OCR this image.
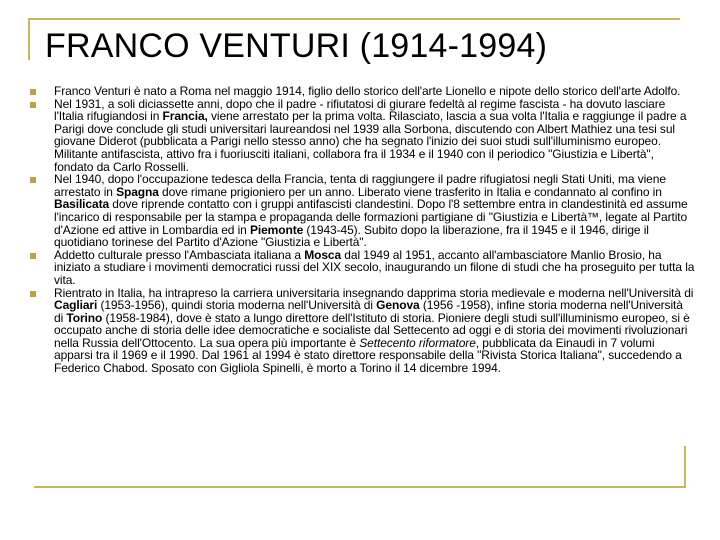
FRANCO VENTURI (1914-1994)
Franco Venturi è nato a Roma nel maggio 1914, figlio dello storico dell'arte Lionello e nipote dello storico dell'arte Adolfo.
Nel 1931, a soli diciassette anni, dopo che il padre - rifiutatosi di giurare fedeltà al regime fascista - ha dovuto lasciare l'Italia rifugiandosi in Francia, viene arrestato per la prima volta. Rilasciato, lascia a sua volta l'Italia e raggiunge il padre a Parigi dove conclude gli studi universitari laureandosi nel 1939 alla Sorbona, discutendo con Albert Mathiez una tesi sul giovane Diderot (pubblicata a Parigi nello stesso anno) che ha segnato l'inizio dei suoi studi sull'illuminismo europeo. Militante antifascista, attivo fra i fuoriusciti italiani, collabora fra il 1934 e il 1940 con il periodico "Giustizia e Libertà", fondato da Carlo Rosselli.
Nel 1940, dopo l'occupazione tedesca della Francia, tenta di raggiungere il padre rifugiatosi negli Stati Uniti, ma viene arrestato in Spagna dove rimane prigioniero per un anno. Liberato viene trasferito in Italia e condannato al confino in Basilicata dove riprende contatto con i gruppi antifascisti clandestini. Dopo l'8 settembre entra in clandestinità ed assume l'incarico di responsabile per la stampa e propaganda delle formazioni partigiane di "Giustizia e Libertà™, legate al Partito d'Azione ed attive in Lombardia ed in Piemonte (1943-45). Subito dopo la liberazione, fra il 1945 e il 1946, dirige il quotidiano torinese del Partito d'Azione "Giustizia e Libertà".
Addetto culturale presso l'Ambasciata italiana a Mosca dal 1949 al 1951, accanto all'ambasciatore Manlio Brosio, ha iniziato a studiare i movimenti democratici russi del XIX secolo, inaugurando un filone di studi che ha proseguito per tutta la vita.
Rientrato in Italia, ha intrapreso la carriera universitaria insegnando dapprima storia medievale e moderna nell'Università di Cagliari (1953-1956), quindi storia moderna nell'Università di Genova (1956 -1958), infine storia moderna nell'Università di Torino (1958-1984), dove è stato a lungo direttore dell'Istituto di storia. Pioniere degli studi sull'illuminismo europeo, si è occupato anche di storia delle idee democratiche e socialiste dal Settecento ad oggi e di storia dei movimenti rivoluzionari nella Russia dell'Ottocento. La sua opera più importante è Settecento riformatore, pubblicata da Einaudi in 7 volumi apparsi tra il 1969 e il 1990. Dal 1961 al 1994 è stato direttore responsabile della "Rivista Storica Italiana", succedendo a Federico Chabod. Sposato con Gigliola Spinelli, è morto a Torino il 14 dicembre 1994.
